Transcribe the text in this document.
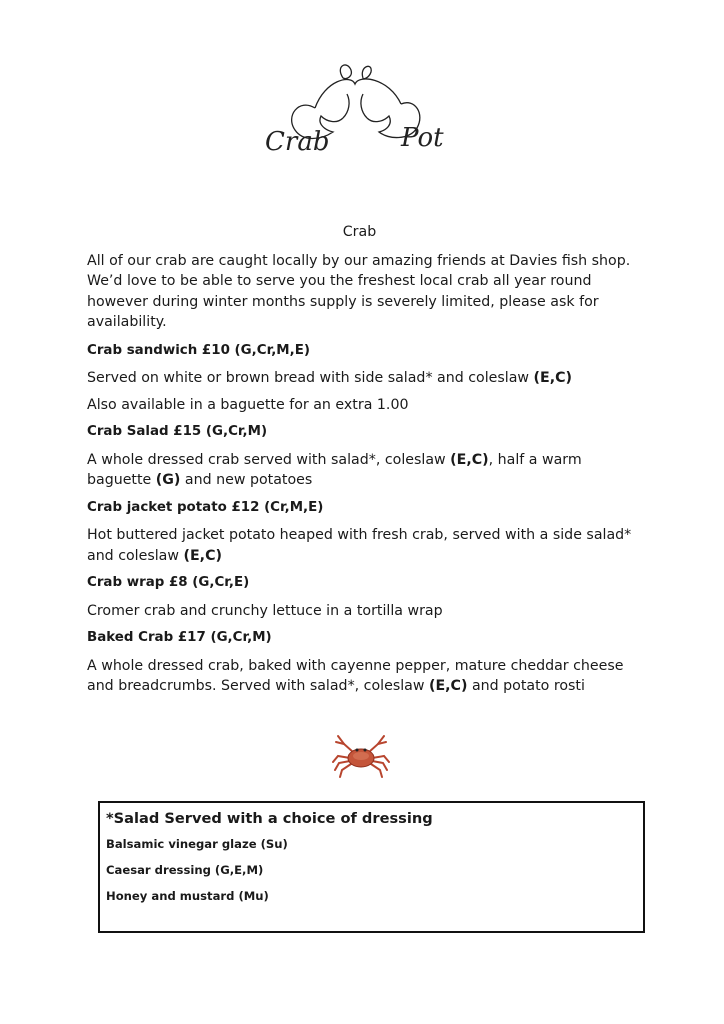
Crab	Pot
Crab

All of our crab are caught locally by our amazing friends at Davies fish shop. We’d love to be able to serve you the freshest local crab all year round however during winter months supply is severely limited, please ask for availability.

Crab sandwich £10 (G,Cr,M,E)

Served on white or brown bread with side salad* and coleslaw (E,C)

Also available in a baguette for an extra 1.00

Crab Salad £15 (G,Cr,M)

A whole dressed crab served with salad*, coleslaw (E,C), half a warm baguette (G) and new potatoes

Crab jacket potato £12 (Cr,M,E)

Hot buttered jacket potato heaped with fresh crab, served with a side salad* and coleslaw (E,C)

Crab wrap £8 (G,Cr,E)

Cromer crab and crunchy lettuce in a tortilla wrap

Baked Crab £17 (G,Cr,M)

A whole dressed crab, baked with cayenne pepper, mature cheddar cheese and breadcrumbs. Served with salad*, coleslaw (E,C) and potato rosti

*Salad Served with a choice of dressing

Balsamic vinegar glaze (Su)

Caesar dressing (G,E,M)

Honey and mustard (Mu)
